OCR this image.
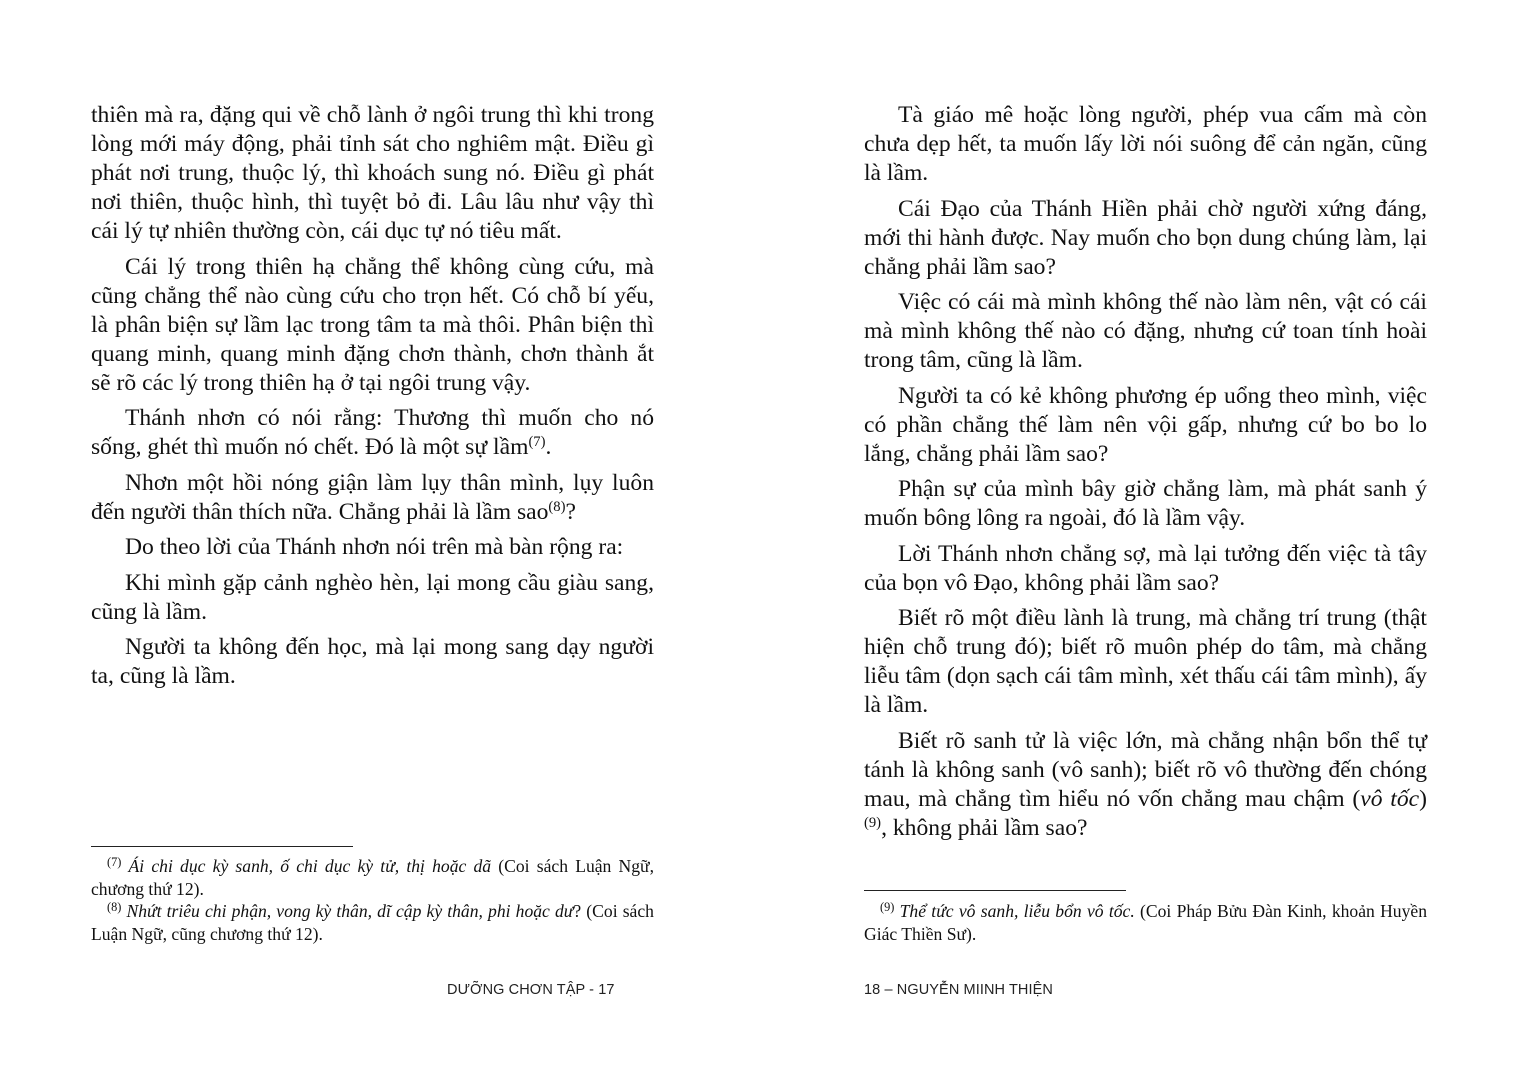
thiên mà ra, đặng qui về chỗ lành ở ngôi trung thì khi trong lòng mới máy động, phải tỉnh sát cho nghiêm mật. Điều gì phát nơi trung, thuộc lý, thì khoách sung nó. Điều gì phát nơi thiên, thuộc hình, thì tuyệt bỏ đi. Lâu lâu như vậy thì cái lý tự nhiên thường còn, cái dục tự nó tiêu mất.

Cái lý trong thiên hạ chẳng thể không cùng cứu, mà cũng chẳng thể nào cùng cứu cho trọn hết. Có chỗ bí yếu, là phân biện sự lầm lạc trong tâm ta mà thôi. Phân biện thì quang minh, quang minh đặng chơn thành, chơn thành ắt sẽ rõ các lý trong thiên hạ ở tại ngôi trung vậy.

Thánh nhơn có nói rằng: Thương thì muốn cho nó sống, ghét thì muốn nó chết. Đó là một sự lầm$^{(7)}$.

Nhơn một hồi nóng giận làm lụy thân mình, lụy luôn đến người thân thích nữa. Chẳng phải là lầm sao$^{(8)}$?

Do theo lời của Thánh nhơn nói trên mà bàn rộng ra:

Khi mình gặp cảnh nghèo hèn, lại mong cầu giàu sang, cũng là lầm.

Người ta không đến học, mà lại mong sang dạy người ta, cũng là lầm.

$^{(7)}$ Ái chi dục kỳ sanh, ố chi dục kỳ tử, thị hoặc dã (Coi sách Luận Ngữ, chương thứ 12).

$^{(8)}$ Nhứt triêu chi phận, vong kỳ thân, dĩ cập kỳ thân, phi hoặc dư? (Coi sách Luận Ngữ, cũng chương thứ 12).

DƯỠNG CHƠN TẬP - 17

Tà giáo mê hoặc lòng người, phép vua cấm mà còn chưa dẹp hết, ta muốn lấy lời nói suông để cản ngăn, cũng là lầm.

Cái Đạo của Thánh Hiền phải chờ người xứng đáng, mới thi hành được. Nay muốn cho bọn dung chúng làm, lại chẳng phải lầm sao?

Việc có cái mà mình không thế nào làm nên, vật có cái mà mình không thế nào có đặng, nhưng cứ toan tính hoài trong tâm, cũng là lầm.

Người ta có kẻ không phương ép uổng theo mình, việc có phần chẳng thế làm nên vội gấp, nhưng cứ bo bo lo lắng, chẳng phải lầm sao?

Phận sự của mình bây giờ chẳng làm, mà phát sanh ý muốn bông lông ra ngoài, đó là lầm vậy.

Lời Thánh nhơn chẳng sợ, mà lại tưởng đến việc tà tây của bọn vô Đạo, không phải lầm sao?

Biết rõ một điều lành là trung, mà chẳng trí trung (thật hiện chỗ trung đó); biết rõ muôn phép do tâm, mà chẳng liễu tâm (dọn sạch cái tâm mình, xét thấu cái tâm mình), ấy là lầm.

Biết rõ sanh tử là việc lớn, mà chẳng nhận bổn thể tự tánh là không sanh (vô sanh); biết rõ vô thường đến chóng mau, mà chẳng tìm hiểu nó vốn chẳng mau chậm (vô tốc)$^{(9)}$, không phải lầm sao?

$^{(9)}$ Thể tức vô sanh, liễu bổn vô tốc. (Coi Pháp Bửu Đàn Kinh, khoản Huyền Giác Thiền Sư).

18 – NGUYỄN MIINH THIỆN
